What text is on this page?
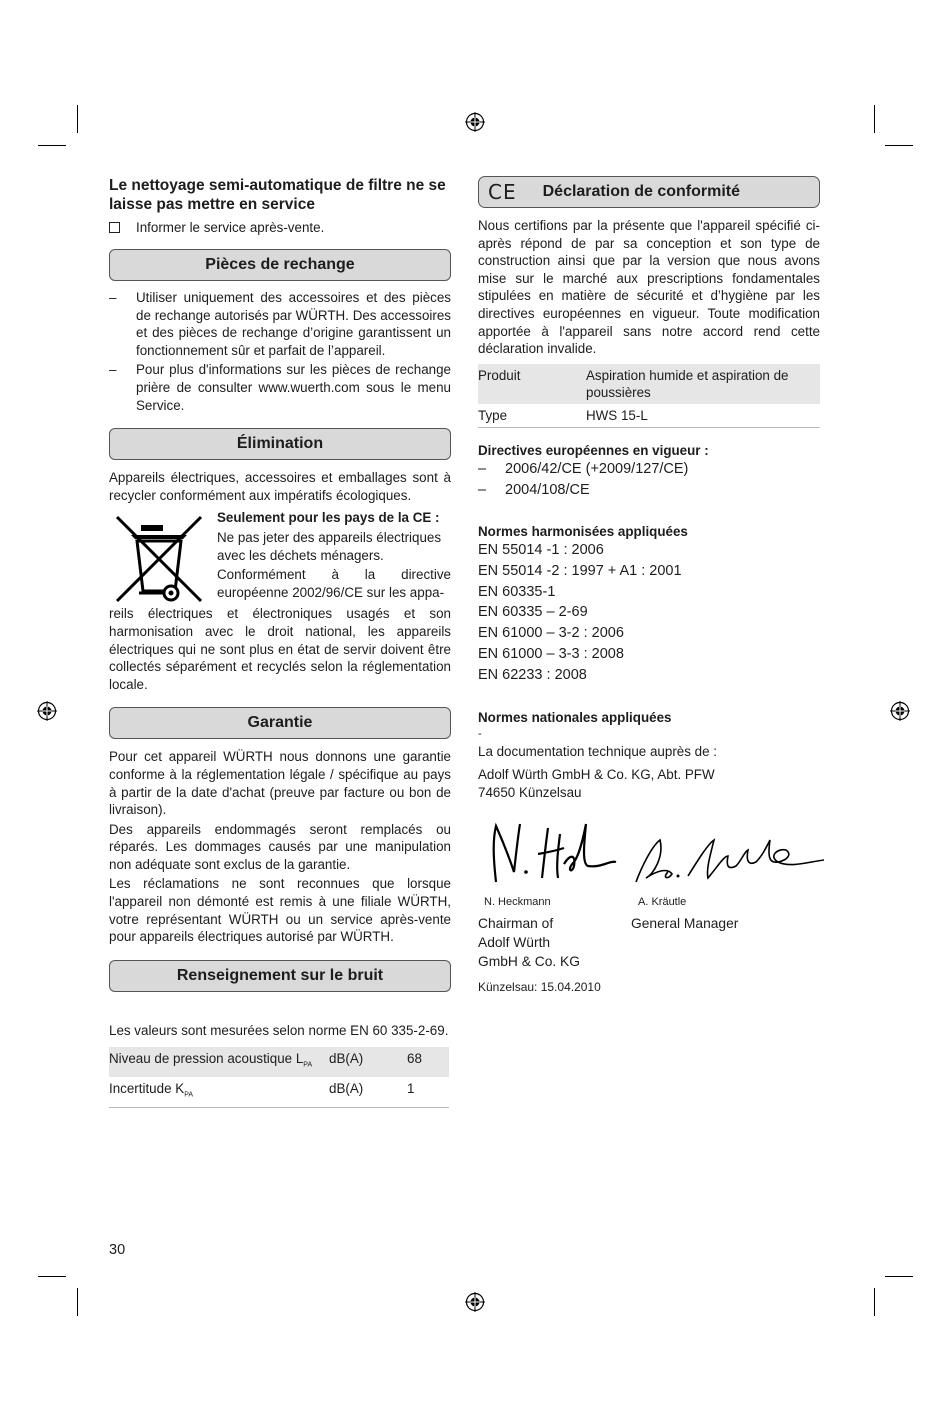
Le nettoyage semi-automatique de filtre ne se laisse pas mettre en service

Informer le service après-vente.
Pièces de rechange

– Utiliser uniquement des accessoires et des pièces de rechange autorisés par WÜRTH. Des accessoires et des pièces de rechange d’origine garantissent un fonctionnement sûr et parfait de l’appareil.

– Pour plus d'informations sur les pièces de rechange prière de consulter www.wuerth.com sous le menu Service.

Élimination

Appareils électriques, accessoires et emballages sont à recycler conformément aux impératifs écologiques.

Seulement pour les pays de la CE :

Ne pas jeter des appareils électriques avec les déchets ménagers.

Conformément à la directive européenne 2002/96/CE sur les appa-

reils électriques et électroniques usagés et son harmonisation avec le droit national, les appareils électriques qui ne sont plus en état de servir doivent être collectés séparément et recyclés selon la réglementation locale.

Garantie

Pour cet appareil WÜRTH nous donnons une garantie conforme à la réglementation légale / spécifique au pays à partir de la date d'achat (preuve par facture ou bon de livraison).

Des appareils endommagés seront remplacés ou réparés. Les dommages causés par une manipulation non adéquate sont exclus de la garantie.

Les réclamations ne sont reconnues que lorsque l'appareil non démonté est remis à une filiale WÜRTH, votre représentant WÜRTH ou un service après-vente pour appareils électriques autorisé par WÜRTH.

Renseignement sur le bruit

Les valeurs sont mesurées selon norme EN 60 335-2-69.

Niveau de pression acoustique $L_{PA}$	dB(A)	68
Incertitude $K_{PA}$	dB(A)	1
CE Déclaration de conformité

Nous certifions par la présente que l'appareil spécifié ci-après répond de par sa conception et son type de construction ainsi que par la version que nous avons mise sur le marché aux prescriptions fondamentales stipulées en matière de sécurité et d’hygiène par les directives européennes en vigueur. Toute modification apportée à l'appareil sans notre accord rend cette déclaration invalide.

Produit	Aspiration humide et aspiration de poussières
Type	HWS 15-L

Directives européennes en vigueur :

– 2006/42/CE (+2009/127/CE)

– 2004/108/CE

Normes harmonisées appliquées

EN 55014 -1 : 2006

EN 55014 -2 : 1997 + A1 : 2001

EN 60335-1

EN 60335 – 2-69

EN 61000 – 3-2 : 2006

EN 61000 – 3-3 : 2008

EN 62233 : 2008

Normes nationales appliquées

-

La documentation technique auprès de :

Adolf Würth GmbH & Co. KG, Abt. PFW

74650 Künzelsau

N. Heckmann	A. Kräutle
Chairman of
Adolf Würth
GmbH & Co. KG
General Manager

Künzelsau: 15.04.2010

30
